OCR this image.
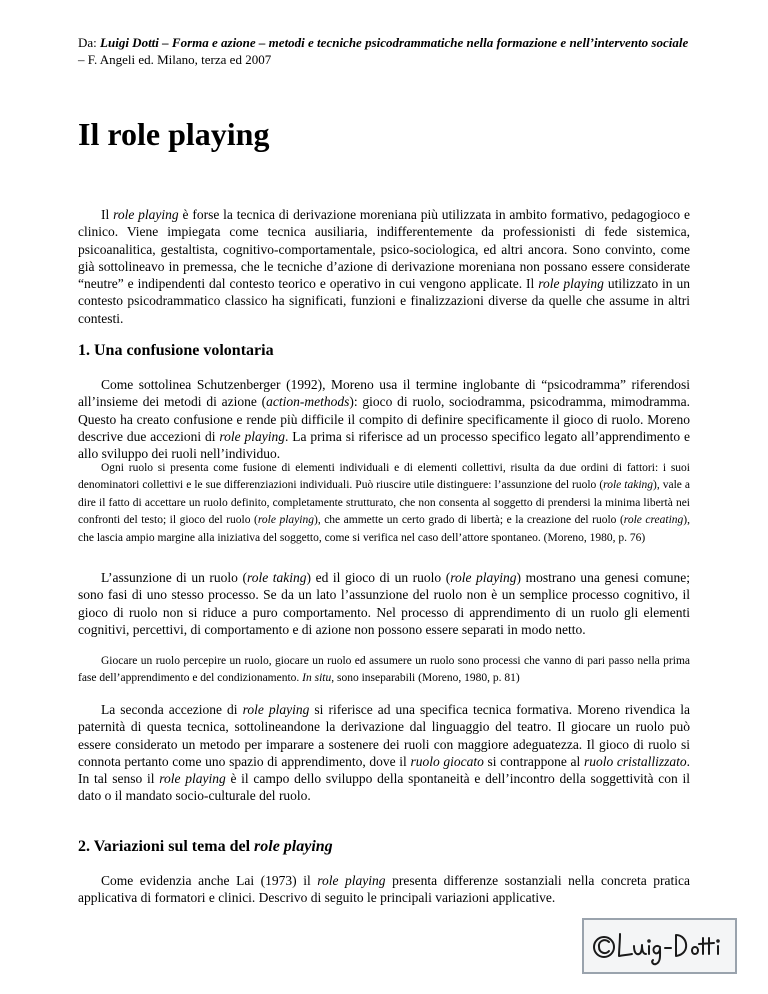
Da: Luigi Dotti – Forma e azione – metodi e tecniche psicodrammatiche nella formazione e nell’intervento sociale – F. Angeli ed. Milano, terza ed 2007
Il role playing

Il role playing è forse la tecnica di derivazione moreniana più utilizzata in ambito formativo, pedagogioco e clinico. Viene impiegata come tecnica ausiliaria, indifferentemente da professionisti di fede sistemica, psicoanalitica, gestaltista, cognitivo-comportamentale, psico-sociologica, ed altri ancora. Sono convinto, come già sottolineavo in premessa, che le tecniche d’azione di derivazione moreniana non possano essere considerate “neutre” e indipendenti dal contesto teorico e operativo in cui vengono applicate. Il role playing utilizzato in un contesto psicodrammatico classico ha significati, funzioni e finalizzazioni diverse da quelle che assume in altri contesti.

1. Una confusione volontaria

Come sottolinea Schutzenberger (1992), Moreno usa il termine inglobante di “psicodramma” riferendosi all’insieme dei metodi di azione (action-methods): gioco di ruolo, sociodramma, psicodramma, mimodramma. Questo ha creato confusione e rende più difficile il compito di definire specificamente il gioco di ruolo. Moreno descrive due accezioni di role playing. La prima si riferisce ad un processo specifico legato all’apprendimento e allo sviluppo dei ruoli nell’individuo.

Ogni ruolo si presenta come fusione di elementi individuali e di elementi collettivi, risulta da due ordini di fattori: i suoi denominatori collettivi e le sue differenziazioni individuali. Può riuscire utile distinguere: l’assunzione del ruolo (role taking), vale a dire il fatto di accettare un ruolo definito, completamente strutturato, che non consenta al soggetto di prendersi la minima libertà nei confronti del testo; il gioco del ruolo (role playing), che ammette un certo grado di libertà; e la creazione del ruolo (role creating), che lascia ampio margine alla iniziativa del soggetto, come si verifica nel caso dell’attore spontaneo. (Moreno, 1980, p. 76)

L’assunzione di un ruolo (role taking) ed il gioco di un ruolo (role playing) mostrano una genesi comune; sono fasi di uno stesso processo. Se da un lato l’assunzione del ruolo non è un semplice processo cognitivo, il gioco di ruolo non si riduce a puro comportamento. Nel processo di apprendimento di un ruolo gli elementi cognitivi, percettivi, di comportamento e di azione non possono essere separati in modo netto.

Giocare un ruolo percepire un ruolo, giocare un ruolo ed assumere un ruolo sono processi che vanno di pari passo nella prima fase dell’apprendimento e del condizionamento. In situ, sono inseparabili (Moreno, 1980, p. 81)

La seconda accezione di role playing si riferisce ad una specifica tecnica formativa. Moreno rivendica la paternità di questa tecnica, sottolineandone la derivazione dal linguaggio del teatro. Il giocare un ruolo può essere considerato un metodo per imparare a sostenere dei ruoli con maggiore adeguatezza. Il gioco di ruolo si connota pertanto come uno spazio di apprendimento, dove il ruolo giocato si contrappone al ruolo cristallizzato. In tal senso il role playing è il campo dello sviluppo della spontaneità e dell’incontro della soggettività con il dato o il mandato socio-culturale del ruolo.

2. Variazioni sul tema del role playing

Come evidenzia anche Lai (1973) il role playing presenta differenze sostanziali nella concreta pratica applicativa di formatori e clinici. Descrivo di seguito le principali variazioni applicative.
